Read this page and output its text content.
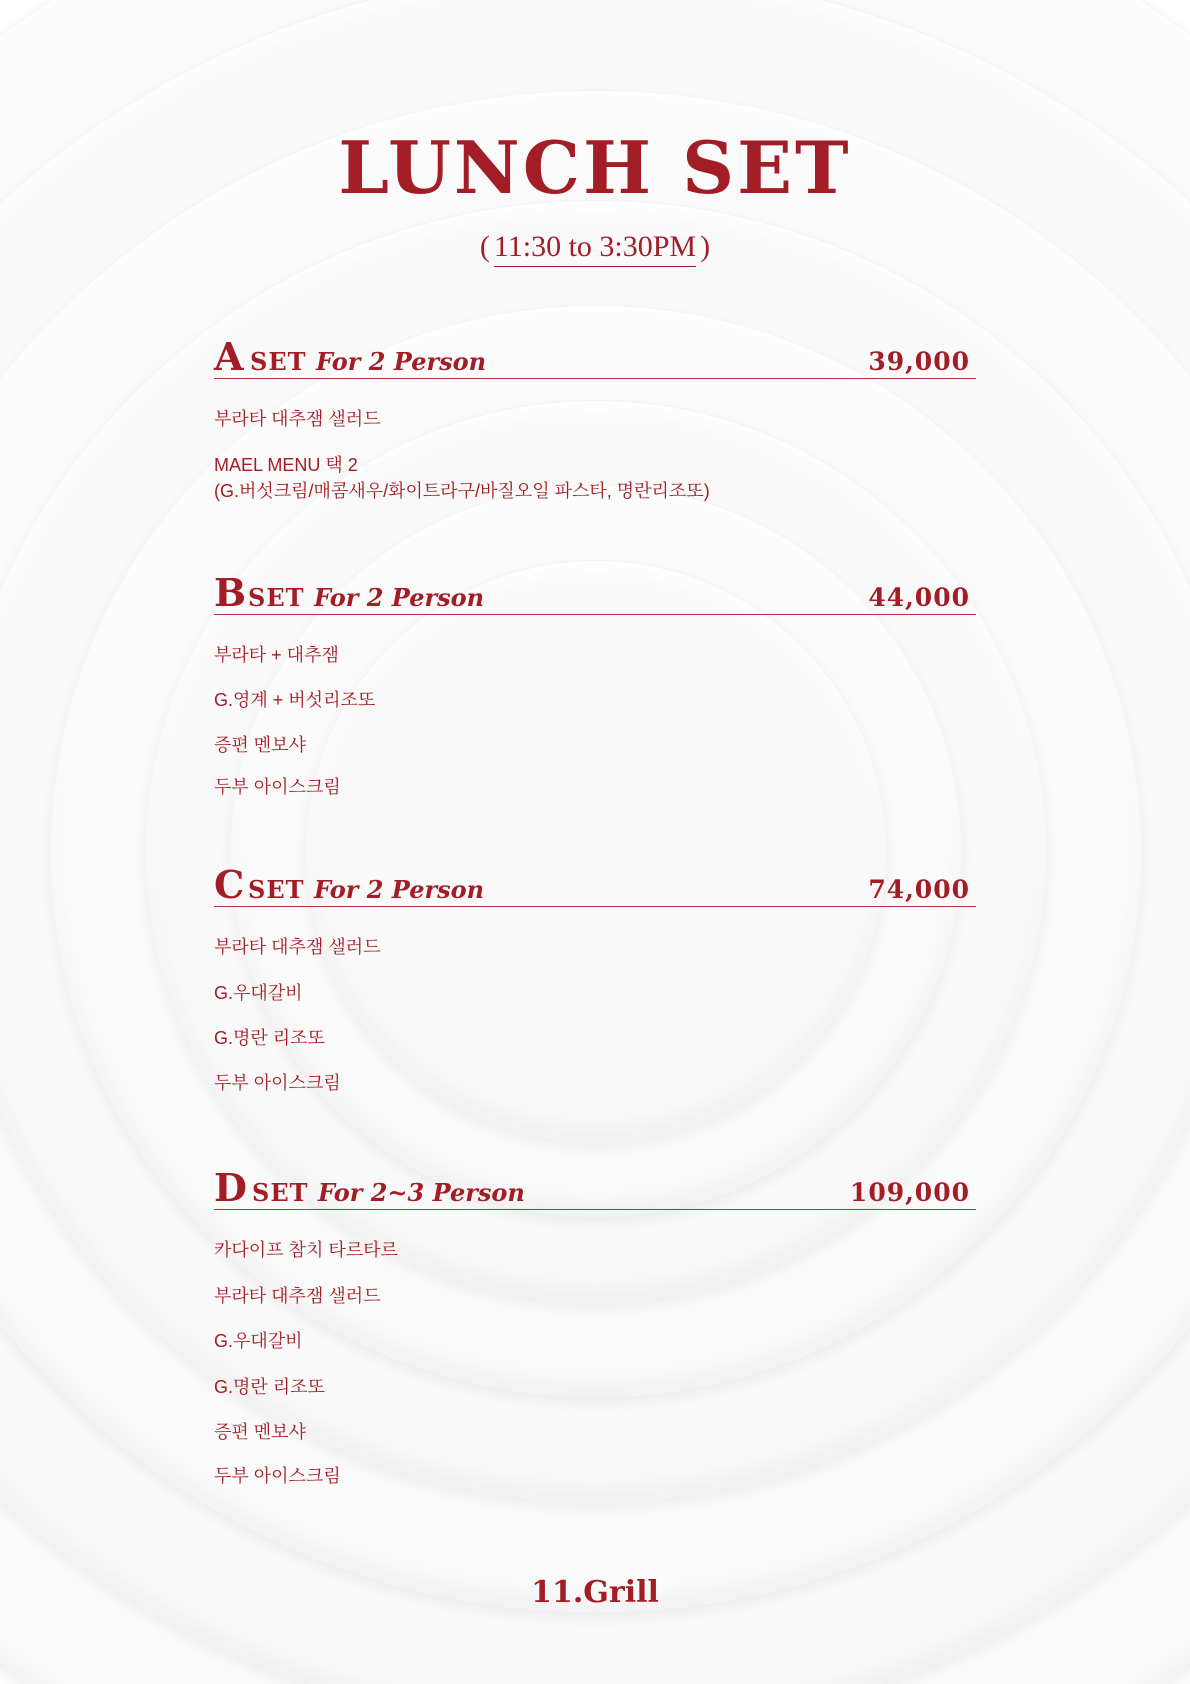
LUNCH SET
( 11:30 to 3:30PM )
A SET For 2 Person	39,000
부라타 대추잼 샐러드
MAEL MENU 택 2
(G.버섯크림/매콤새우/화이트라구/바질오일 파스타, 명란리조또)
B SET For 2 Person	44,000
부라타 + 대추잼
G.영계 + 버섯리조또
증편 멘보샤
두부 아이스크림
C SET For 2 Person	74,000
부라타 대추잼 샐러드
G.우대갈비
G.명란 리조또
두부 아이스크림
D SET For 2~3 Person	109,000
카다이프 참치 타르타르
부라타 대추잼 샐러드
G.우대갈비
G.명란 리조또
증편 멘보샤
두부 아이스크림
11.Grill
